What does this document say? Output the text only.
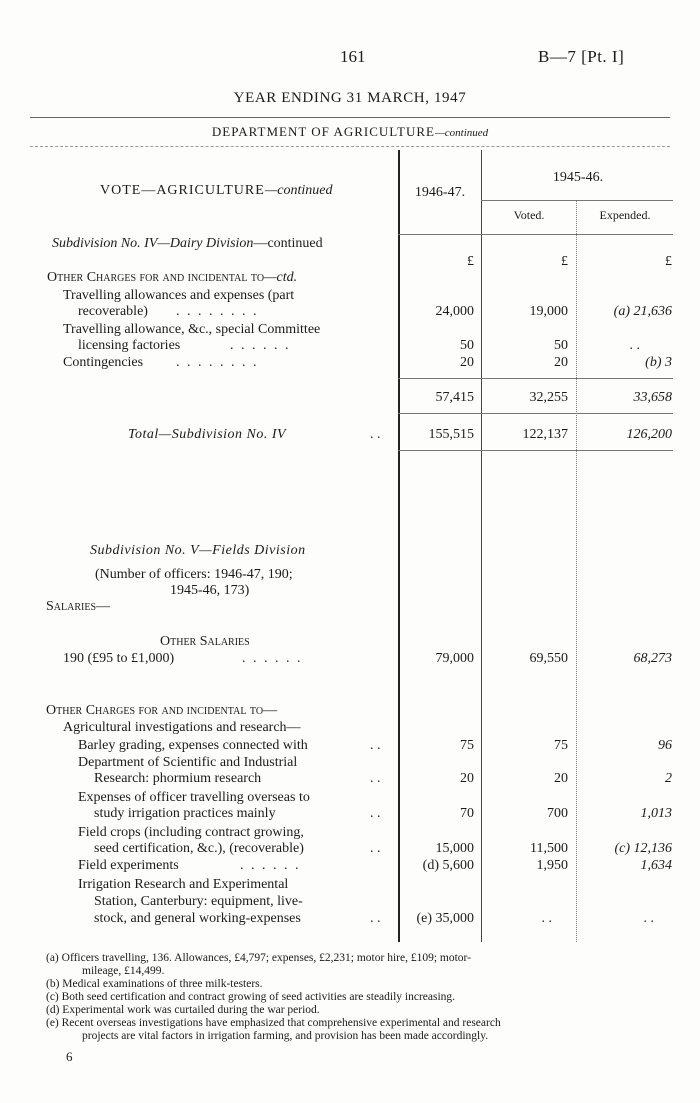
161	B—7 [Pt. I]
YEAR ENDING 31 MARCH, 1947
DEPARTMENT OF AGRICULTURE—continued
VOTE—AGRICULTURE—continued	1946-47.
1945-46.
Voted.	Expended.
Subdivision No. IV—Dairy Division—continued
£	£	£
Other Charges for and incidental to—ctd.
Travelling allowances and expenses (part
recoverable) . . . . . . . .	24,000	19,000	(a) 21,636
Travelling allowance, &c., special Committee
licensing factories	. . . . . .	50	50	. .
Contingencies . . . . . . . .	20	20	(b) 3
57,415	32,255	33,658
Total—Subdivision No. IV	. .	155,515	122,137	126,200
Subdivision No. V—Fields Division
(Number of officers: 1946-47, 190;
1945-46, 173)
Salaries—
Other Salaries
190 (£95 to £1,000)	. . . . . .	79,000	69,550	68,273
Other Charges for and incidental to—
Agricultural investigations and research—
Barley grading, expenses connected with	. .	75	75	96
Department of Scientific and Industrial
Research: phormium research	. .	20	20	2
Expenses of officer travelling overseas to
study irrigation practices mainly	. .	70	700	1,013
Field crops (including contract growing,
seed certification, &c.), (recoverable)	. .	15,000	11,500	(c) 12,136
Field experiments	. . . . . .	(d) 5,600	1,950	1,634
Irrigation Research and Experimental
Station, Canterbury: equipment, live-
stock, and general working-expenses	. .	(e) 35,000	. .	. .
(a) Officers travelling, 136. Allowances, £4,797; expenses, £2,231; motor hire, £109; motor-
mileage, £14,499.
(b) Medical examinations of three milk-testers.
(c) Both seed certification and contract growing of seed activities are steadily increasing.
(d) Experimental work was curtailed during the war period.
(e) Recent overseas investigations have emphasized that comprehensive experimental and research
projects are vital factors in irrigation farming, and provision has been made accordingly.
6
